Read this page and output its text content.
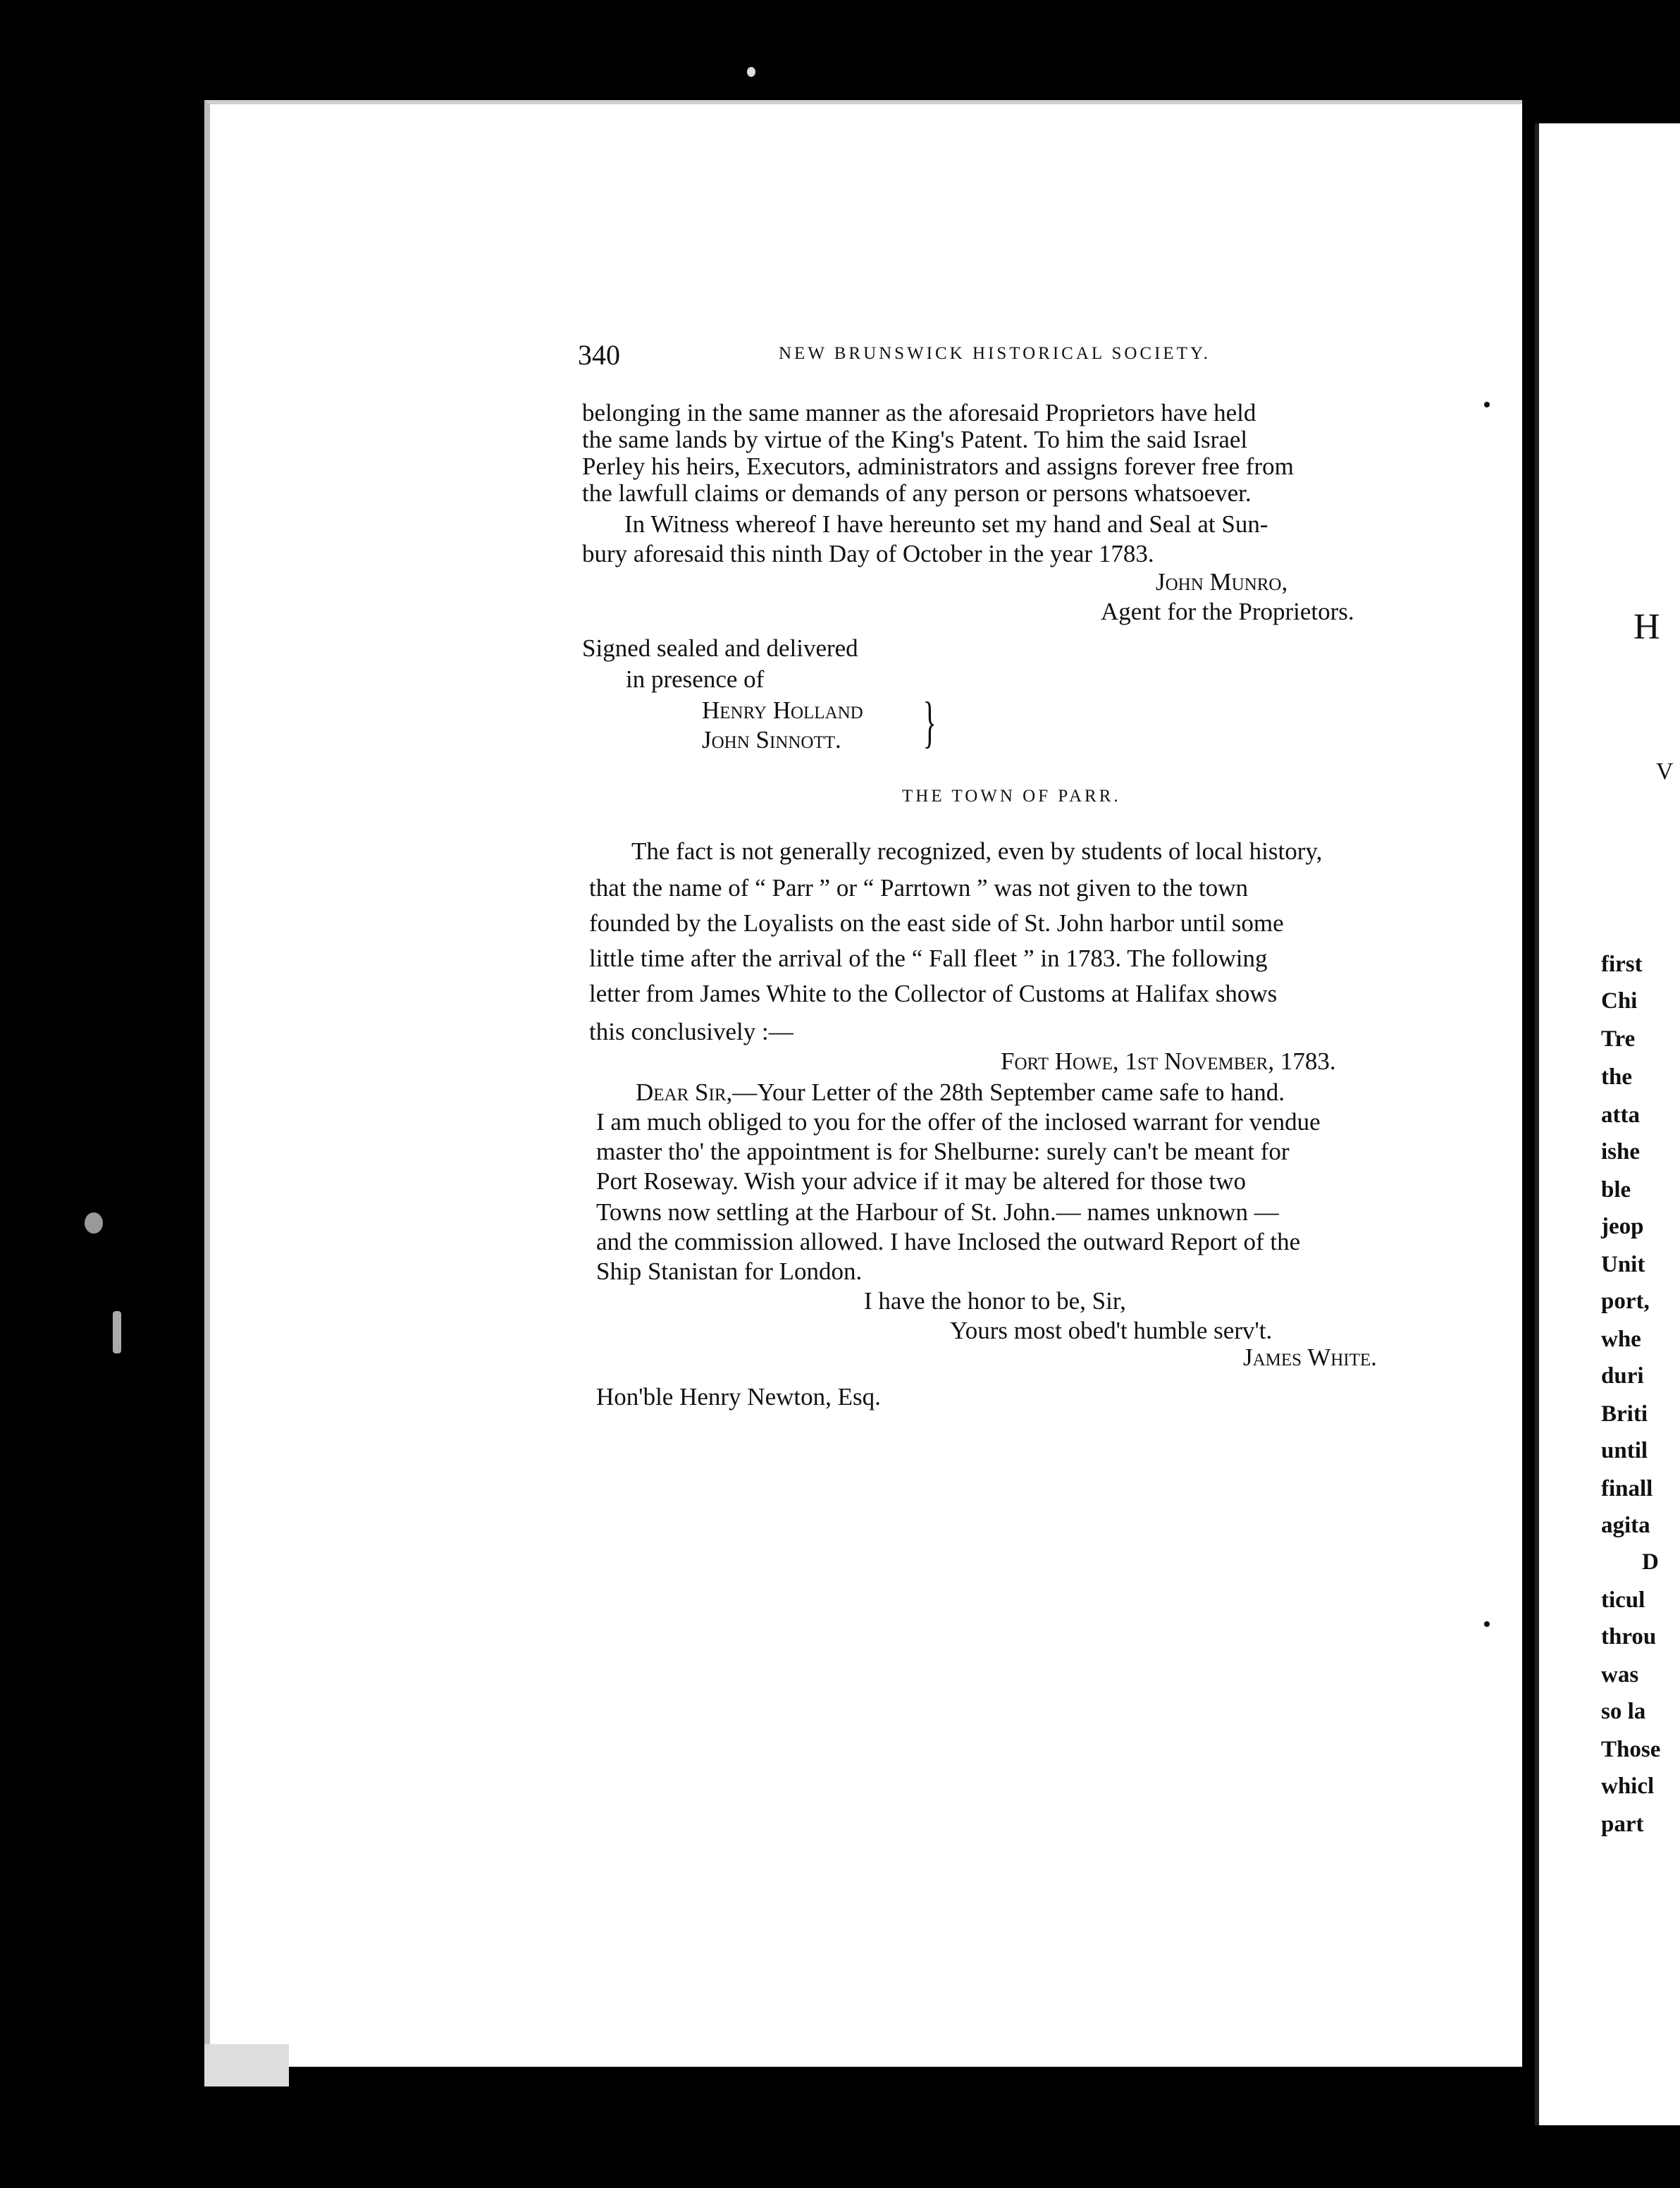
340	NEW BRUNSWICK HISTORICAL SOCIETY.
belonging in the same manner as the aforesaid Proprietors have held
the same lands by virtue of the King's Patent. To him the said Israel
Perley his heirs, Executors, administrators and assigns forever free from
the lawfull claims or demands of any person or persons whatsoever.
In Witness whereof I have hereunto set my hand and Seal at Sun-
bury aforesaid this ninth Day of October in the year 1783.
John Munro,
Agent for the Proprietors.
Signed sealed and delivered
in presence of
Henry Holland
John Sinnott. }
THE TOWN OF PARR.
The fact is not generally recognized, even by students of local history,
that the name of “ Parr ” or “ Parrtown ” was not given to the town
founded by the Loyalists on the east side of St. John harbor until some
little time after the arrival of the “ Fall fleet ” in 1783. The following
letter from James White to the Collector of Customs at Halifax shows
this conclusively :—
Fort Howe, 1st November, 1783.
Dear Sir,—Your Letter of the 28th September came safe to hand.
I am much obliged to you for the offer of the inclosed warrant for vendue
master tho' the appointment is for Shelburne: surely can't be meant for
Port Roseway. Wish your advice if it may be altered for those two
Towns now settling at the Harbour of St. John.— names unknown —
and the commission allowed. I have Inclosed the outward Report of the
Ship Stanistan for London.
I have the honor to be, Sir,
Yours most obed't humble serv't.
James White.
Hon'ble Henry Newton, Esq.
H
V
first
Chi
Tre
the
atta
ishe
ble
jeop
Unit
port,
whe
duri
Briti
until
finall
agita
D
ticul
throu
was
so la
Those
whicl
part
